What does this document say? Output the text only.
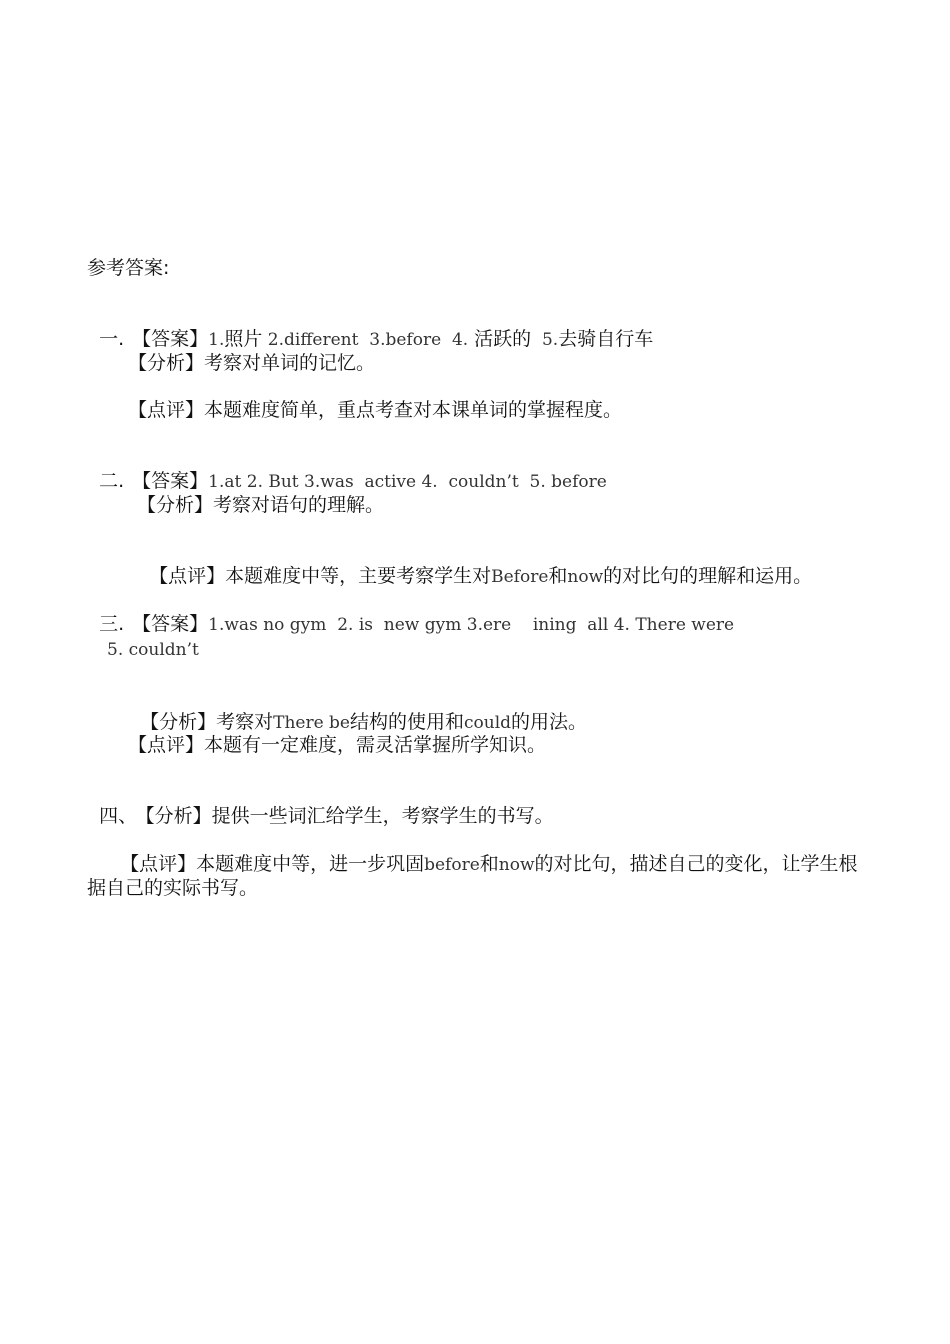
参考答案:

一. 【答案】1.照片 2.different  3.before  4. 活跃的  5.去骑自行车

【分析】考察对单词的记忆。
【点评】本题难度简单，重点考查对本课单词的掌握程度。

二. 【答案】1.at 2. But 3.was  active 4.  couldn’t  5. before

【分析】考察对语句的理解。

【点评】本题难度中等，主要考察学生对Before和now的对比句的理解和运用。

三. 【答案】1.was no gym  2. is  new gym 3.ere    ining  all 4. There were

5. couldn’t

【分析】考察对There be结构的使用和could的用法。

【点评】本题有一定难度，需灵活掌握所学知识。

四、 【分析】提供一些词汇给学生，考察学生的书写。

【点评】本题难度中等，进一步巩固before和now的对比句，描述自己的变化，让学生根

据自己的实际书写。
